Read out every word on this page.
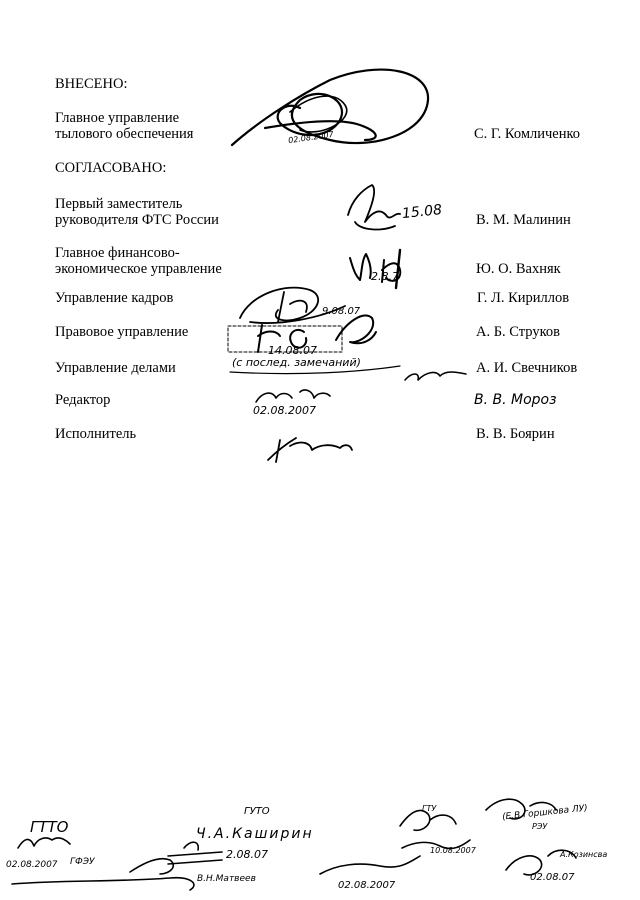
ВНЕСЕНО:
Главное управление
тылового обеспечения	С. Г. Комличенко
СОГЛАСОВАНО:
Первый заместитель
руководителя ФТС России	В. М. Малинин
Главное финансово-
экономическое управление	Ю. О. Вахняк
Управление кадров	Г. Л. Кириллов
Правовое управление	А. Б. Струков
Управление делами	А. И. Свечников
Редактор	В. В. Мороз
Исполнитель	В. В. Боярин
02.08.2007
15.08
2.8.7
9.08.07
14.08.07
(с послед. замечаний)
02.08.2007
ГТТО
ГУТО
Ч.А.Каширин
02.08.2007 ГФЭУ
2.08.07
В.Н.Матвеев
02.08.2007
ГТУ
10.08.2007
(Е.В.Горшкова ЛУ)
РЭУ
А.Козинсва
02.08.07
